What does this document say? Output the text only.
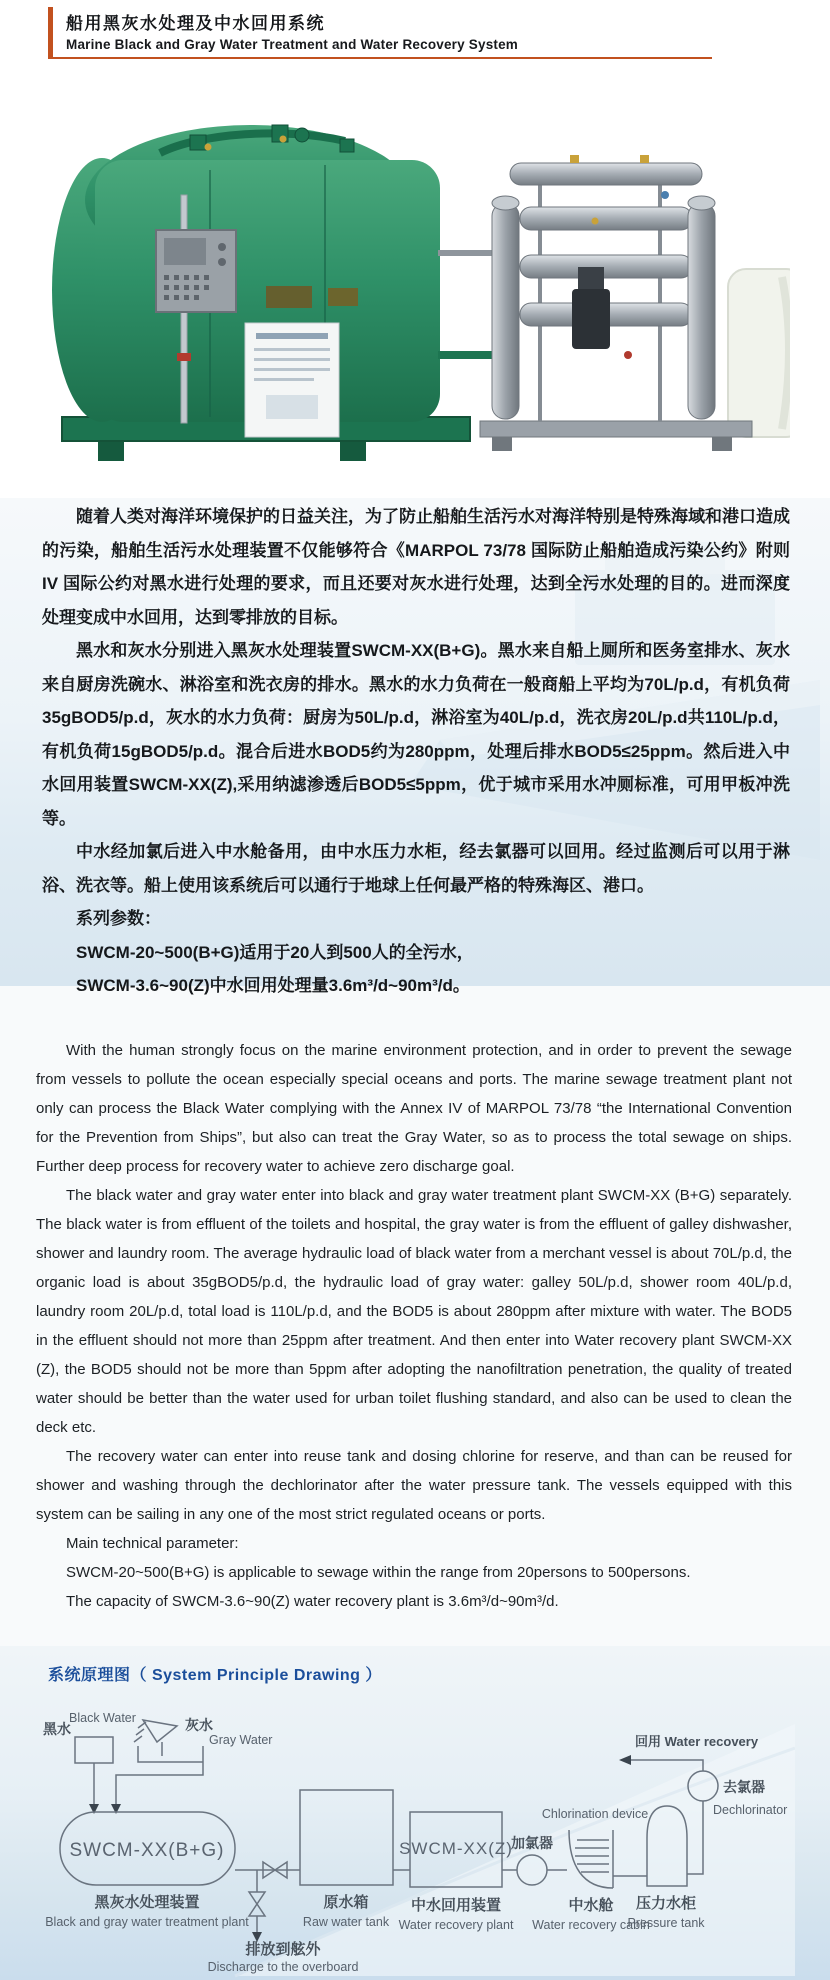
船用黑灰水处理及中水回用系统
Marine Black and Gray Water Treatment and Water Recovery System

随着人类对海洋环境保护的日益关注，为了防止船舶生活污水对海洋特别是特殊海域和港口造成的污染，船舶生活污水处理装置不仅能够符合《MARPOL 73/78 国际防止船舶造成污染公约》附则IV 国际公约对黑水进行处理的要求，而且还要对灰水进行处理，达到全污水处理的目的。进而深度处理变成中水回用，达到零排放的目标。

黑水和灰水分别进入黑灰水处理装置SWCM-XX(B+G)。黑水来自船上厕所和医务室排水、灰水来自厨房洗碗水、淋浴室和洗衣房的排水。黑水的水力负荷在一般商船上平均为70L/p.d，有机负荷35gBOD5/p.d，灰水的水力负荷：厨房为50L/p.d，淋浴室为40L/p.d，洗衣房20L/p.d共110L/p.d，有机负荷15gBOD5/p.d。混合后进水BOD5约为280ppm，处理后排水BOD5≤25ppm。然后进入中水回用装置SWCM-XX(Z),采用纳滤渗透后BOD5≤5ppm，优于城市采用水冲厕标准，可用甲板冲洗等。

中水经加氯后进入中水舱备用，由中水压力水柜，经去氯器可以回用。经过监测后可以用于淋浴、洗衣等。船上使用该系统后可以通行于地球上任何最严格的特殊海区、港口。

系列参数：

SWCM-20~500(B+G)适用于20人到500人的全污水，

SWCM-3.6~90(Z)中水回用处理量3.6m³/d~90m³/d。

With the human strongly focus on the marine environment protection, and in order to prevent the sewage from vessels to pollute the ocean especially special oceans and ports. The marine sewage treatment plant not only can process the Black Water complying with the Annex IV of MARPOL 73/78 “the International Convention for the Prevention from Ships”, but also can treat the Gray Water, so as to process the total sewage on ships. Further deep process for recovery water to achieve zero discharge goal.

The black water and gray water enter into black and gray water treatment plant SWCM-XX (B+G) separately. The black water is from effluent of the toilets and hospital, the gray water is from the effluent of galley dishwasher, shower and laundry room. The average hydraulic load of black water from a merchant vessel is about 70L/p.d, the organic load is about 35gBOD5/p.d, the hydraulic load of gray water: galley 50L/p.d, shower room 40L/p.d, laundry room 20L/p.d, total load is 110L/p.d, and the BOD5 is about 280ppm after mixture with water. The BOD5 in the effluent should not more than 25ppm after treatment. And then enter into Water recovery plant SWCM-XX (Z), the BOD5 should not be more than 5ppm after adopting the nanofiltration penetration, the quality of treated water should be better than the water used for urban toilet flushing standard, and also can be used to clean the deck etc.

The recovery water can enter into reuse tank and dosing chlorine for reserve, and than can be reused for shower and washing through the dechlorinator after the water pressure tank. The vessels equipped with this system can be sailing in any one of the most strict regulated oceans or ports.

Main technical parameter:

SWCM-20~500(B+G) is applicable to sewage within the range from 20persons to 500persons.

The capacity of SWCM-3.6~90(Z) water recovery plant is 3.6m³/d~90m³/d.

系统原理图（ System Principle Drawing ）
黑水
Black Water	灰水
Gray Water
SWCM-XX(B+G)
黑灰水处理装置
Black and gray water treatment plant
排放到舷外
Discharge to the overboard
原水箱
Raw water tank
SWCM-XX(Z)
中水回用装置
Water recovery plant
Chlorination device
加氯器
中水舱
Water recovery cabin
压力水柜
Pressure tank
去氯器
Dechlorinator
回用 Water recovery
